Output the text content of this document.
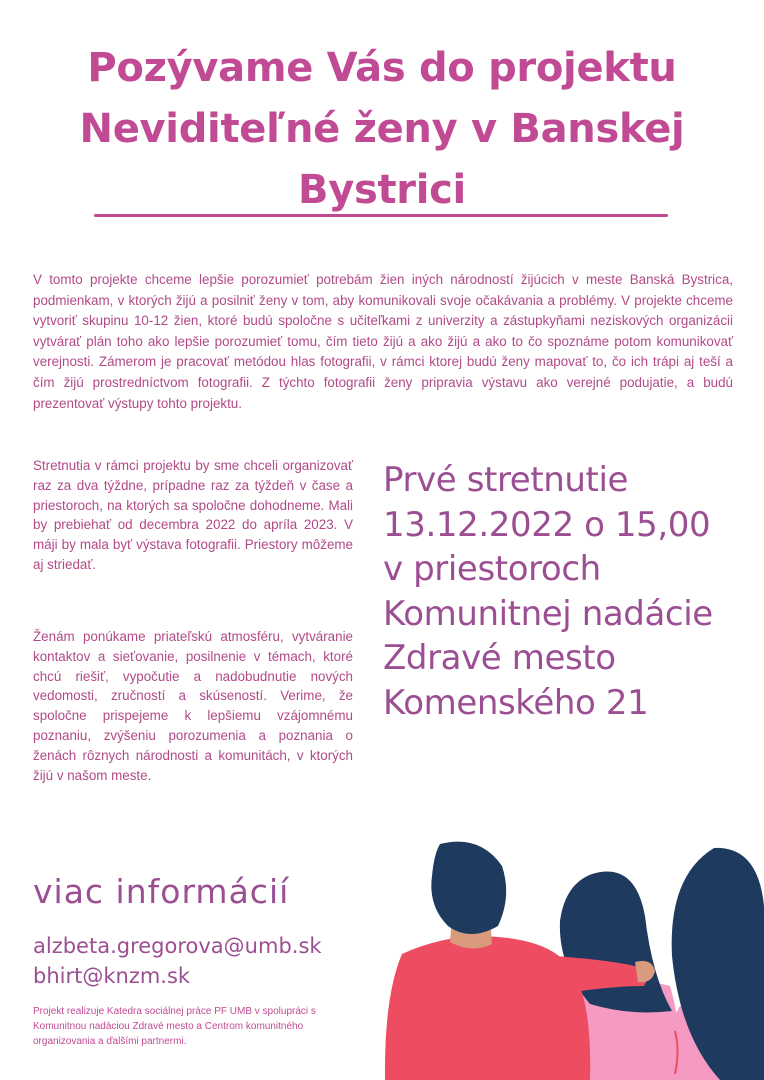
Pozývame Vás do projektu Neviditeľné ženy v Banskej Bystrici

V tomto projekte chceme lepšie porozumieť potrebám žien iných národností žijúcich v meste Banská Bystrica, podmienkam, v ktorých žijú a posilniť ženy v tom, aby komunikovali svoje očakávania a problémy. V projekte chceme vytvoriť skupinu 10-12 žien, ktoré budú spoločne s učiteľkami z univerzity a zástupkyňami neziskových organizácii vytvárať plán toho ako lepšie porozumieť tomu, čím tieto žijú a ako žijú a ako to čo spoznáme potom komunikovať verejnosti. Zámerom je pracovať metódou hlas fotografii, v rámci ktorej budú ženy mapovať to, čo ich trápi aj teší a čím žijú prostredníctvom fotografii. Z týchto fotografii ženy pripravia výstavu ako verejné podujatie, a budú prezentovať výstupy tohto projektu.

Stretnutia v rámci projektu by sme chceli organizovať raz za dva týždne, prípadne raz za týždeň v čase a priestoroch, na ktorých sa spoločne dohodneme. Mali by prebiehať od decembra 2022 do apríla 2023. V máji by mala byť výstava fotografii. Priestory môžeme aj striedať.

Ženám ponúkame priateľskú atmosféru, vytváranie kontaktov a sieťovanie, posilnenie v témach, ktoré chcú riešiť, vypočutie a nadobudnutie nových vedomosti, zručností a skúseností. Verime, že spoločne prispejeme k lepšiemu vzájomnému poznaniu, zvýšeniu porozumenia a poznania o ženách rôznych národnosti a komunitách, v ktorých žijú v našom meste.

Prvé stretnutie
13.12.2022 o 15,00
v priestoroch
Komunitnej nadácie
Zdravé mesto
Komenského 21

viac informácií

alzbeta.gregorova@umb.sk

bhirt@knzm.sk

Projekt realizuje Katedra sociálnej práce PF UMB v spolupráci s Komunitnou nadáciou Zdravé mesto a Centrom komunitného organizovania a ďalšími partnermi.
